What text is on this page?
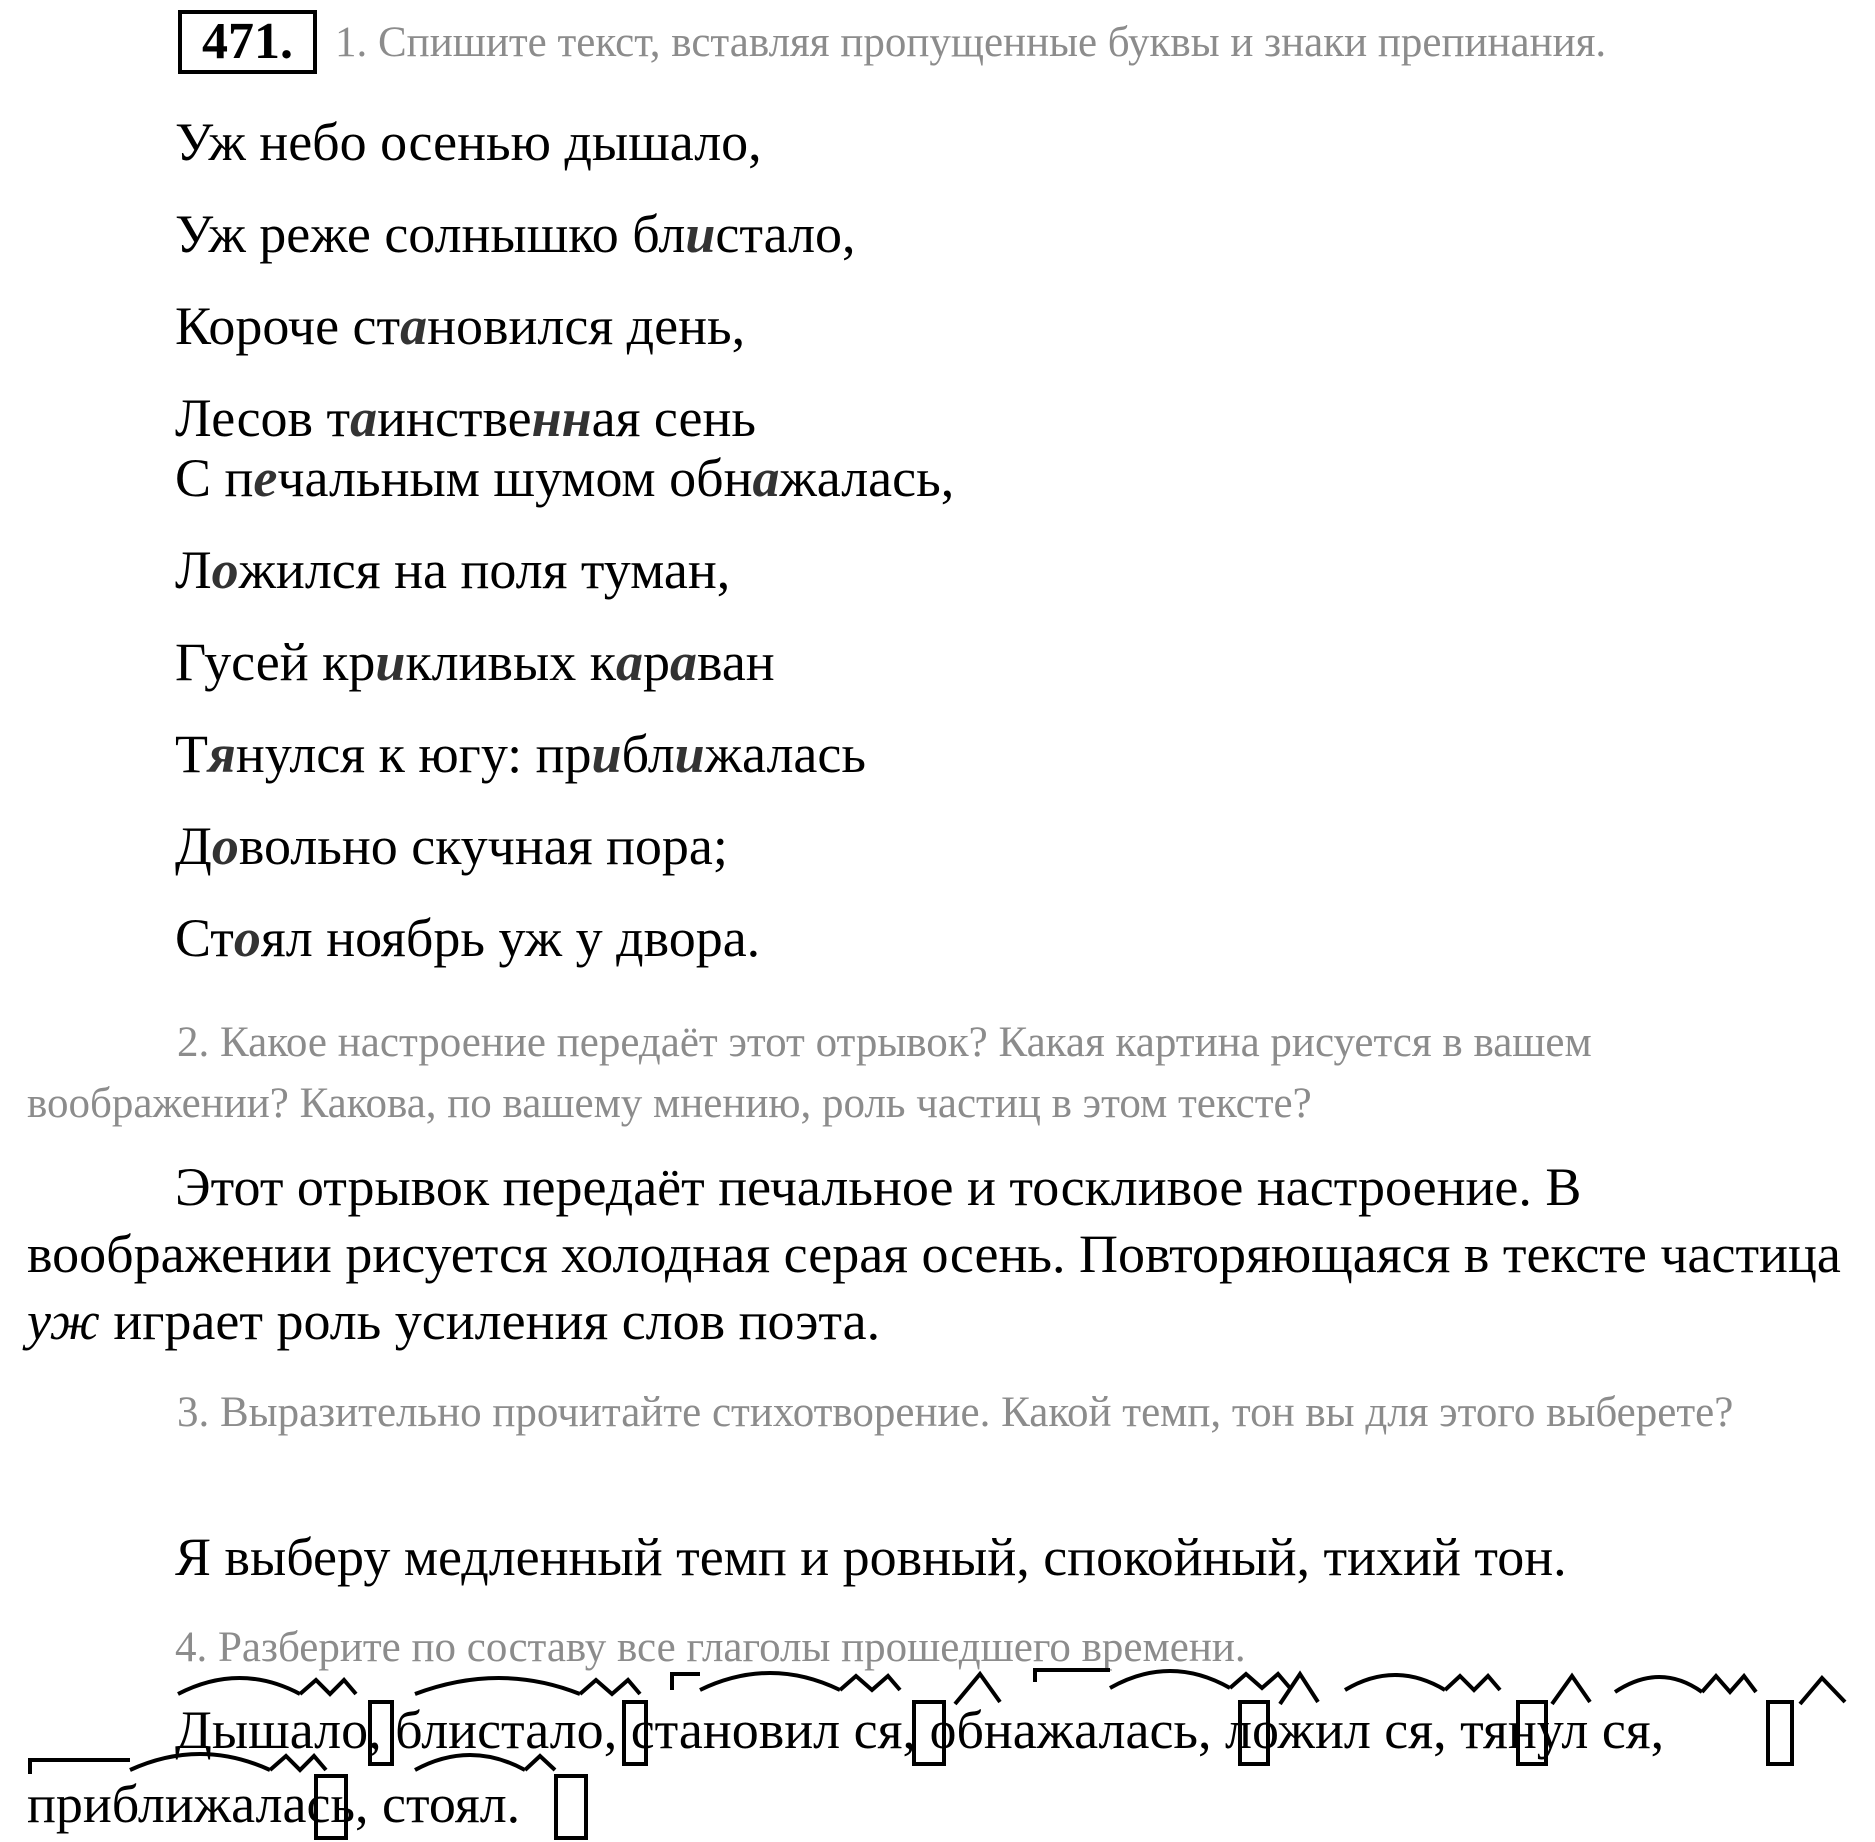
471. 1. Спишите текст, вставляя пропущенные буквы и знаки препинания.
Уж небо осенью дышало,
Уж реже солнышко блистало,
Короче становился день,
Лесов таинственная сень
С печальным шумом обнажалась,
Ложился на поля туман,
Гусей крикливых караван
Тянулся к югу: приближалась
Довольно скучная пора;
Стоял ноябрь уж у двора.
2. Какое настроение передаёт этот отрывок? Какая картина рисуется в вашем воображении? Какова, по вашему мнению, роль частиц в этом тексте?
Этот отрывок передаёт печальное и тоскливое настроение. В воображении рисуется холодная серая осень. Повторяющаяся в тексте частица уж играет роль усиления слов поэта.
3. Выразительно прочитайте стихотворение. Какой темп, тон вы для этого выберете?
Я выберу медленный темп и ровный, спокойный, тихий тон.
4. Разберите по составу все глаголы прошедшего времени.
Дышало, блистало, становил ся, обнажалась, ложил ся, тянул ся,
приближалась, стоял.
